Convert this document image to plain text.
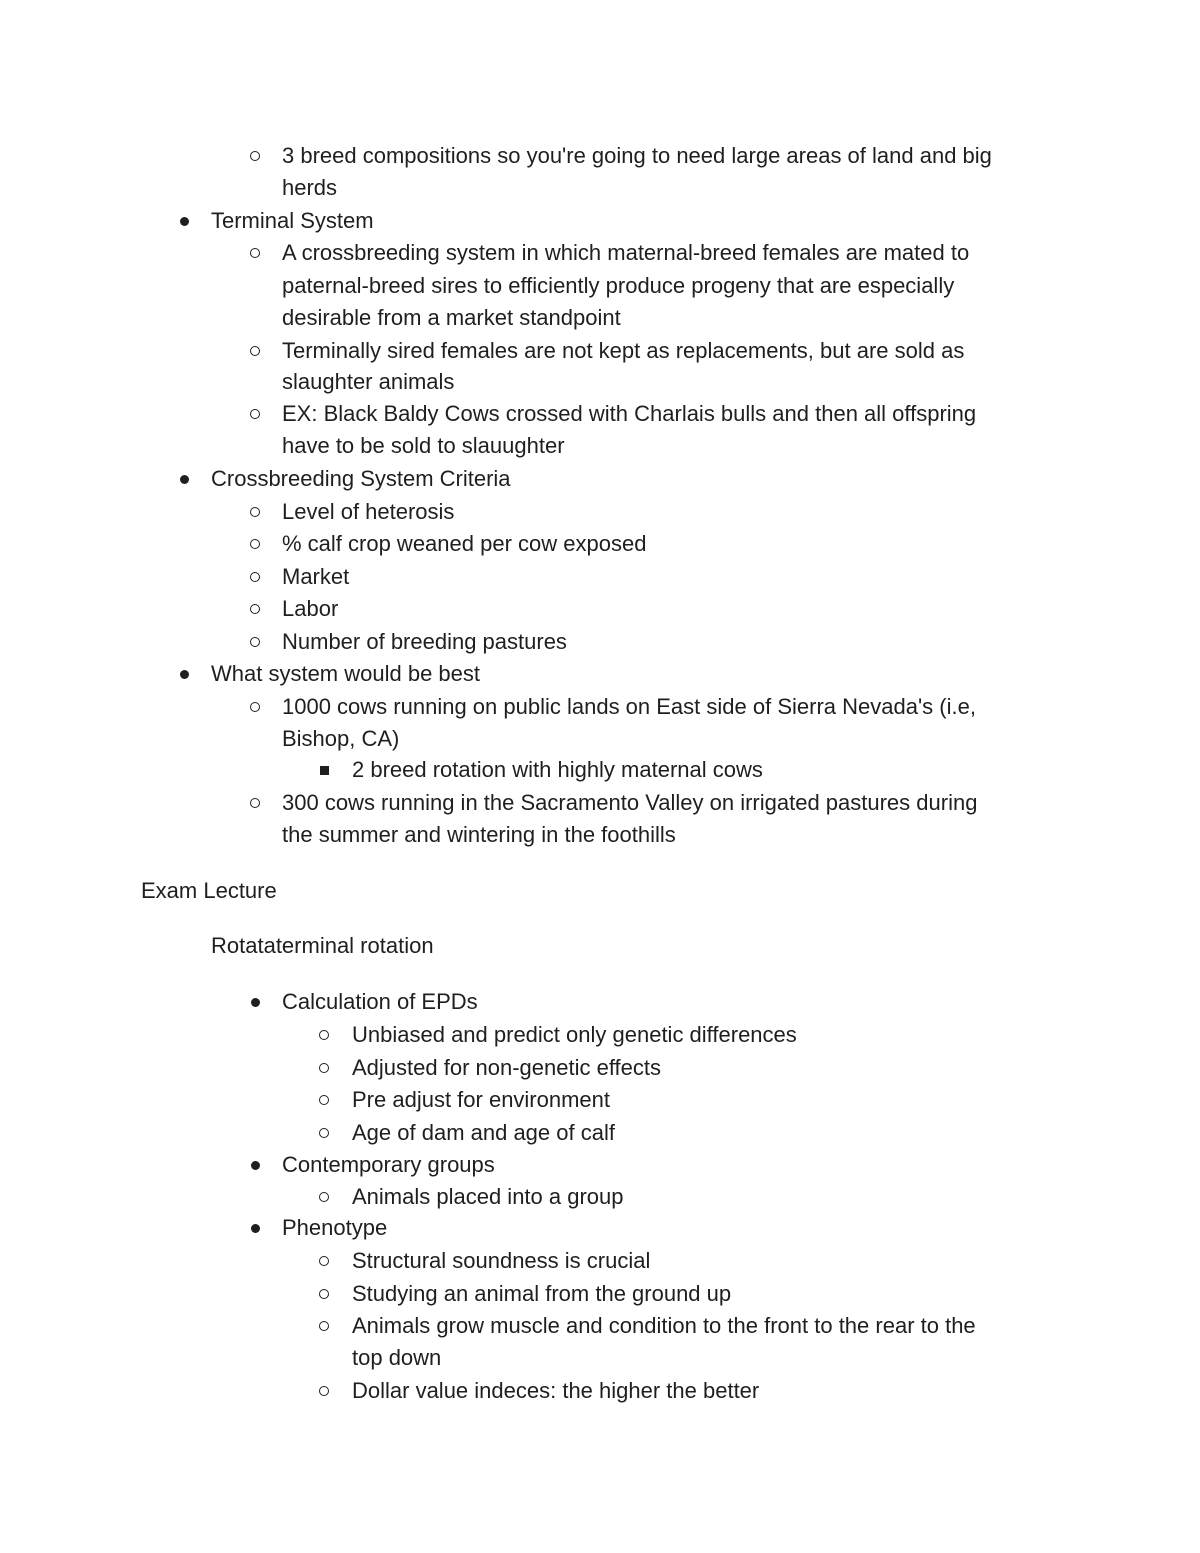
3 breed compositions so you're going to need large areas of land and big
herds
Terminal System
A crossbreeding system in which maternal-breed females are mated to
paternal-breed sires to efficiently produce progeny that are especially
desirable from a market standpoint
Terminally sired females are not kept as replacements, but are sold as
slaughter animals
EX: Black Baldy Cows crossed with Charlais bulls and then all offspring
have to be sold to slauughter
Crossbreeding System Criteria
Level of heterosis
% calf crop weaned per cow exposed
Market
Labor
Number of breeding pastures
What system would be best
1000 cows running on public lands on East side of Sierra Nevada's (i.e,
Bishop, CA)
2 breed rotation with highly maternal cows
300 cows running in the Sacramento Valley on irrigated pastures during
the summer and wintering in the foothills
Exam Lecture
Rotataterminal rotation
Calculation of EPDs
Unbiased and predict only genetic differences
Adjusted for non-genetic effects
Pre adjust for environment
Age of dam and age of calf
Contemporary groups
Animals placed into a group
Phenotype
Structural soundness is crucial
Studying an animal from the ground up
Animals grow muscle and condition to the front to the rear to the
top down
Dollar value indeces: the higher the better
